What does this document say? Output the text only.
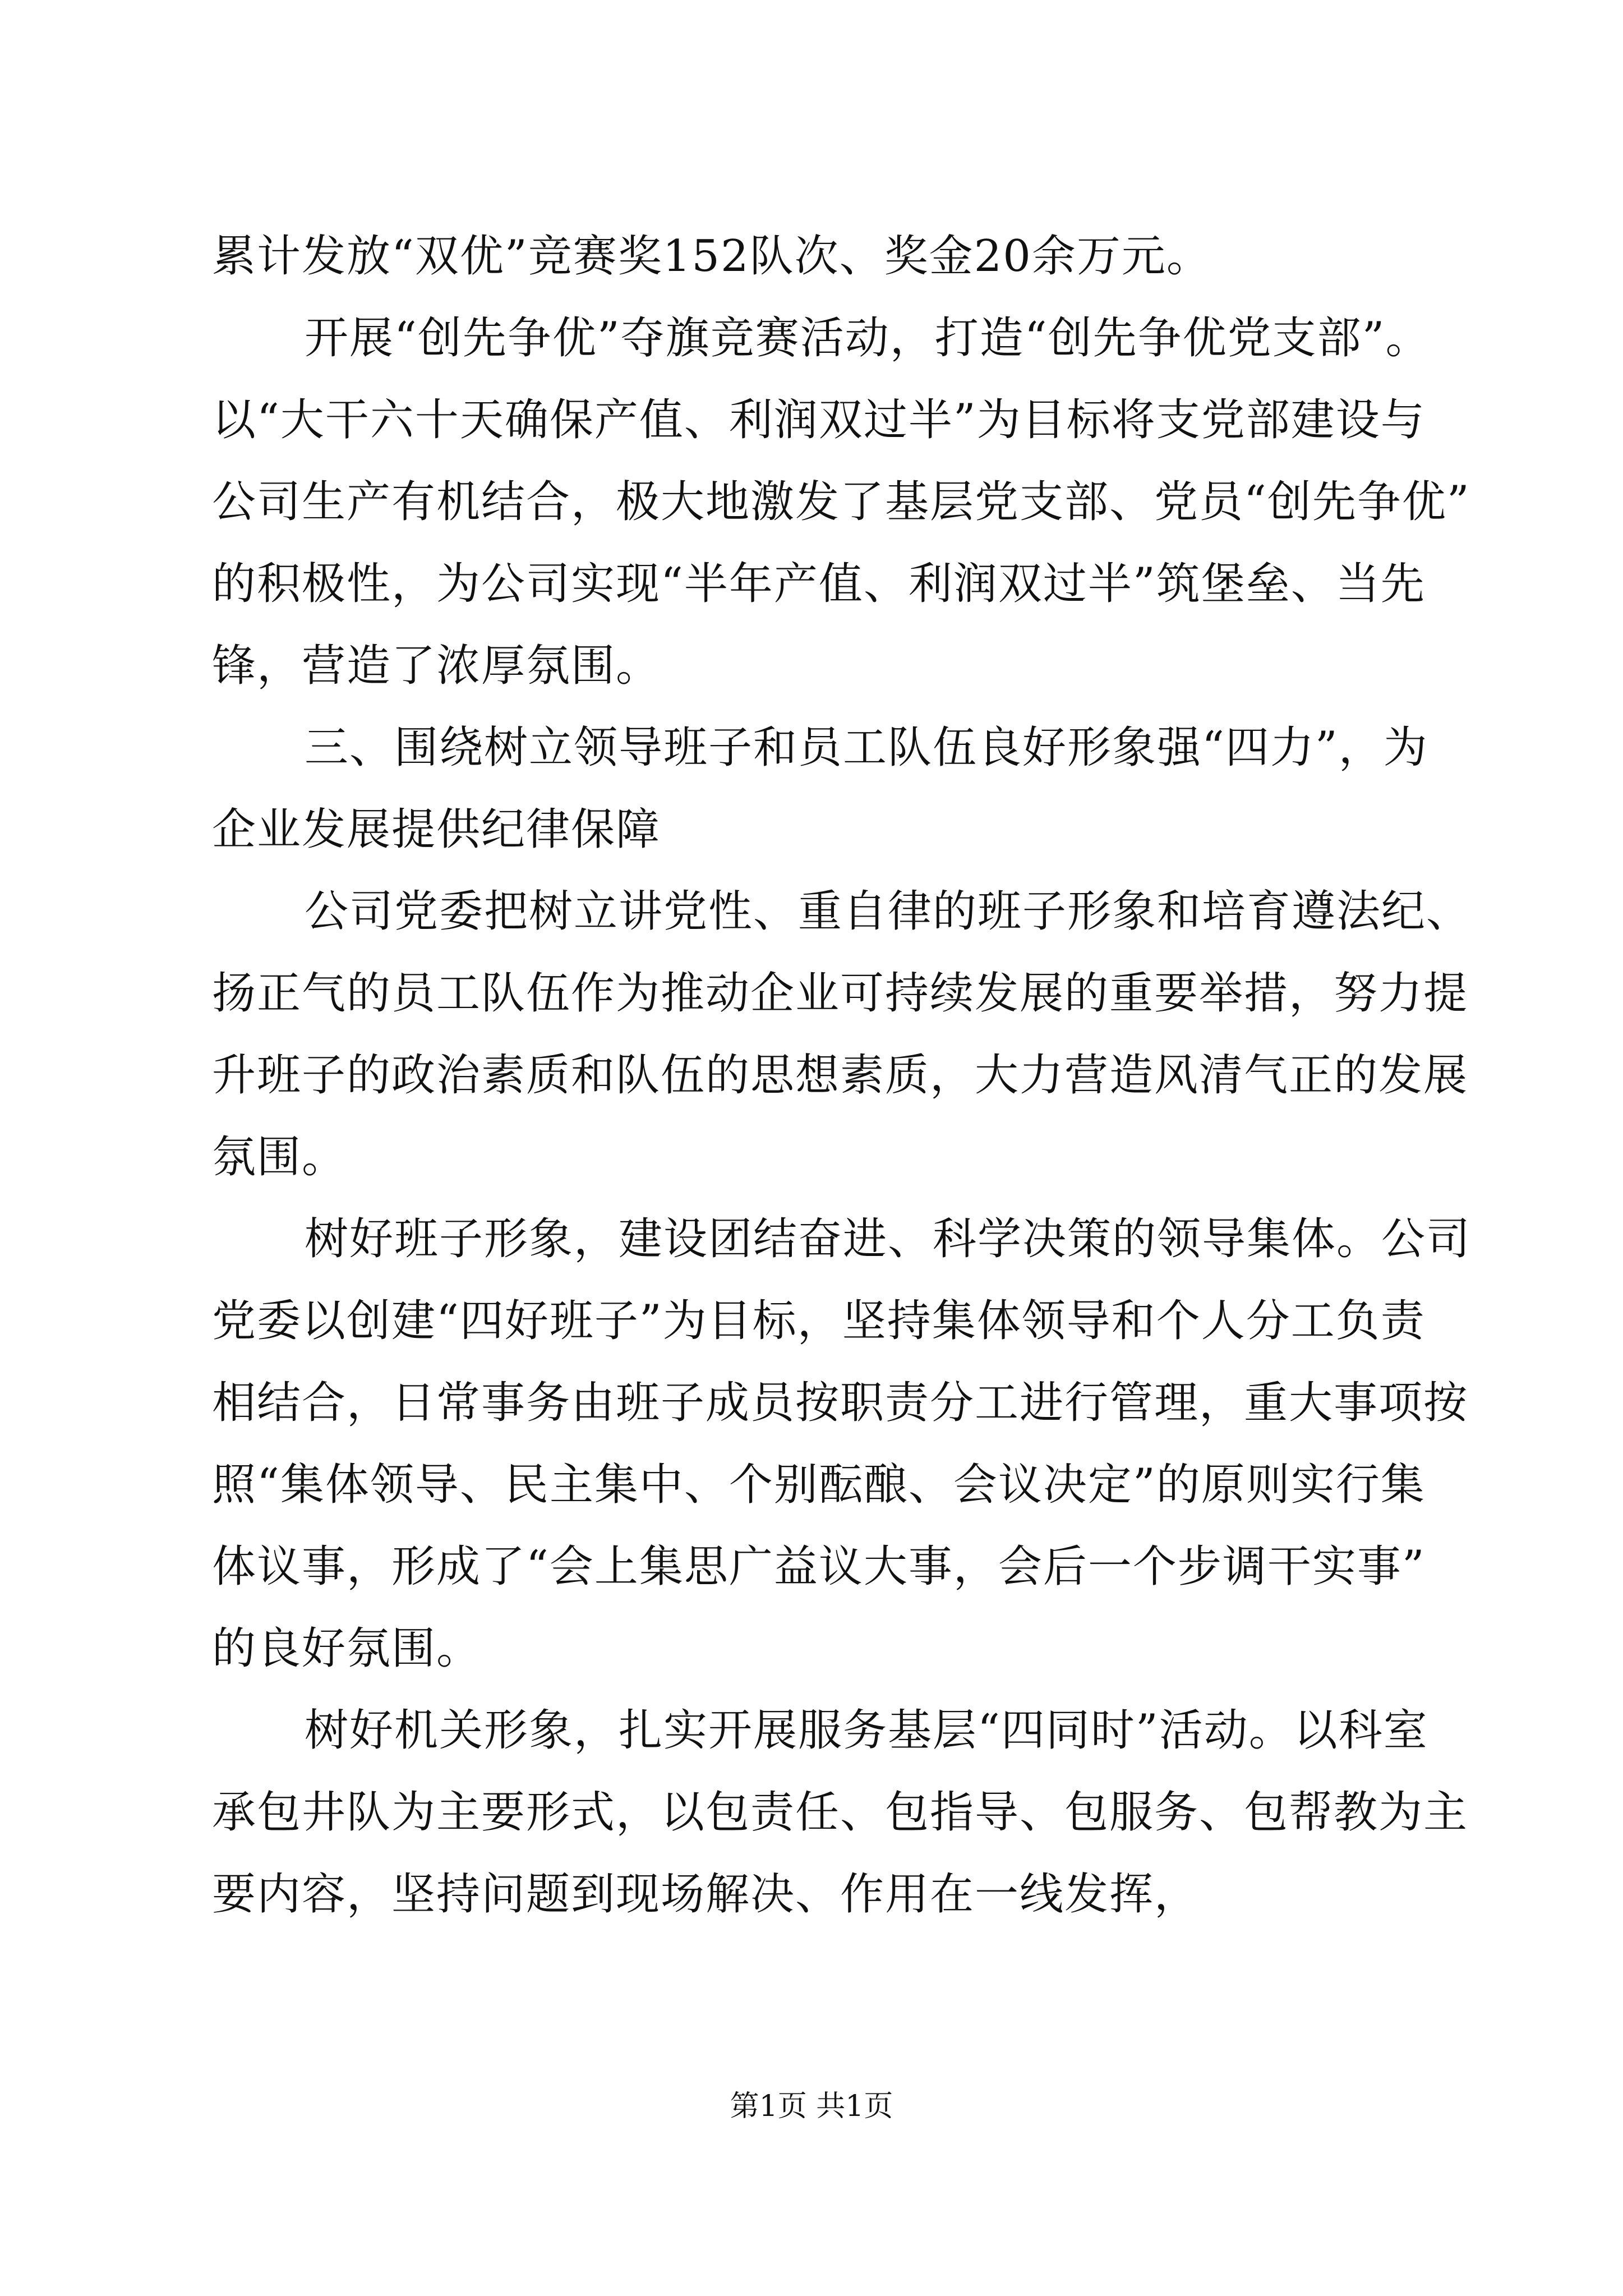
累计发放“双优”竞赛奖152队次、奖金20余万元。
开展“创先争优”夺旗竞赛活动，打造“创先争优党支部”。
以“大干六十天确保产值、利润双过半”为目标将支党部建设与
公司生产有机结合，极大地激发了基层党支部、党员“创先争优”
的积极性，为公司实现“半年产值、利润双过半”筑堡垒、当先
锋，营造了浓厚氛围。
三、围绕树立领导班子和员工队伍良好形象强“四力”，为
企业发展提供纪律保障
公司党委把树立讲党性、重自律的班子形象和培育遵法纪、
扬正气的员工队伍作为推动企业可持续发展的重要举措，努力提
升班子的政治素质和队伍的思想素质，大力营造风清气正的发展
氛围。
树好班子形象，建设团结奋进、科学决策的领导集体。公司
党委以创建“四好班子”为目标，坚持集体领导和个人分工负责
相结合，日常事务由班子成员按职责分工进行管理，重大事项按
照“集体领导、民主集中、个别酝酿、会议决定”的原则实行集
体议事，形成了“会上集思广益议大事，会后一个步调干实事”
的良好氛围。
树好机关形象，扎实开展服务基层“四同时”活动。以科室
承包井队为主要形式，以包责任、包指导、包服务、包帮教为主
要内容，坚持问题到现场解决、作用在一线发挥，
第1页 共1页
